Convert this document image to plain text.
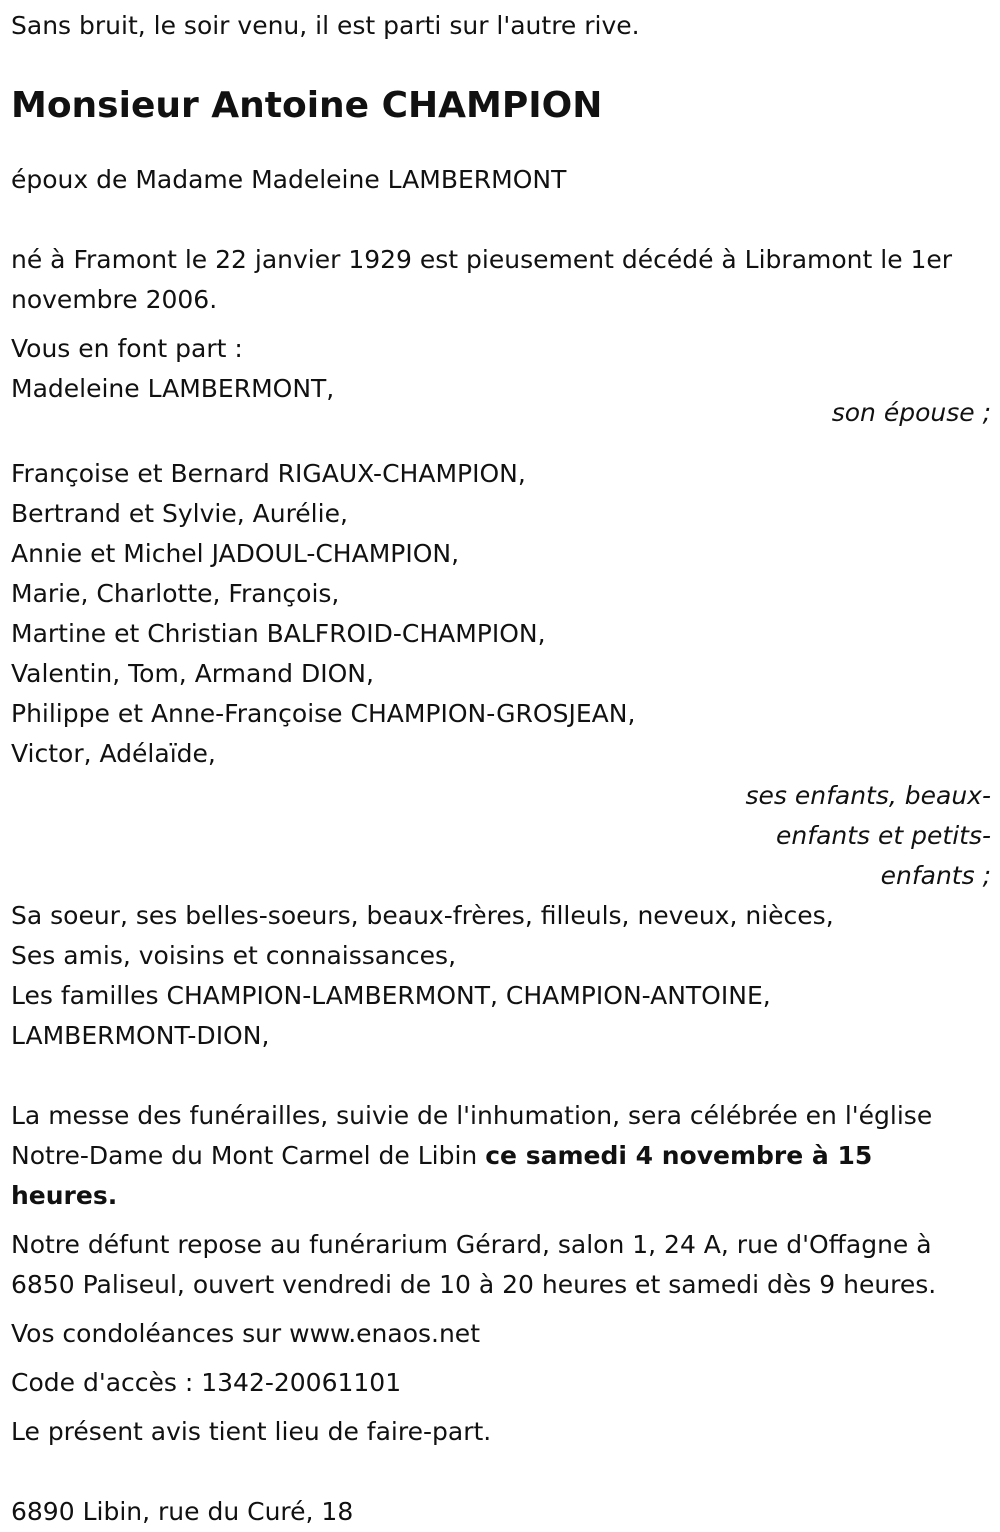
Sans bruit, le soir venu, il est parti sur l'autre rive.
Monsieur Antoine CHAMPION
époux de Madame Madeleine LAMBERMONT
né à Framont le 22 janvier 1929 est pieusement décédé à Libramont le 1er novembre 2006.
Vous en font part :
Madeleine LAMBERMONT,
son épouse ;
Françoise et Bernard RIGAUX-CHAMPION,
Bertrand et Sylvie, Aurélie,
Annie et Michel JADOUL-CHAMPION,
Marie, Charlotte, François,
Martine et Christian BALFROID-CHAMPION,
Valentin, Tom, Armand DION,
Philippe et Anne-Françoise CHAMPION-GROSJEAN,
Victor, Adélaïde,
ses enfants, beaux-enfants et petits-enfants ;
Sa soeur, ses belles-soeurs, beaux-frères, filleuls, neveux, nièces,
Ses amis, voisins et connaissances,
Les familles CHAMPION-LAMBERMONT, CHAMPION-ANTOINE,
LAMBERMONT-DION,
La messe des funérailles, suivie de l'inhumation, sera célébrée en l'église Notre-Dame du Mont Carmel de Libin ce samedi 4 novembre à 15 heures.
Notre défunt repose au funérarium Gérard, salon 1, 24 A, rue d'Offagne à 6850 Paliseul, ouvert vendredi de 10 à 20 heures et samedi dès 9 heures.
Vos condoléances sur www.enaos.net
Code d'accès : 1342-20061101
Le présent avis tient lieu de faire-part.
6890 Libin, rue du Curé, 18
